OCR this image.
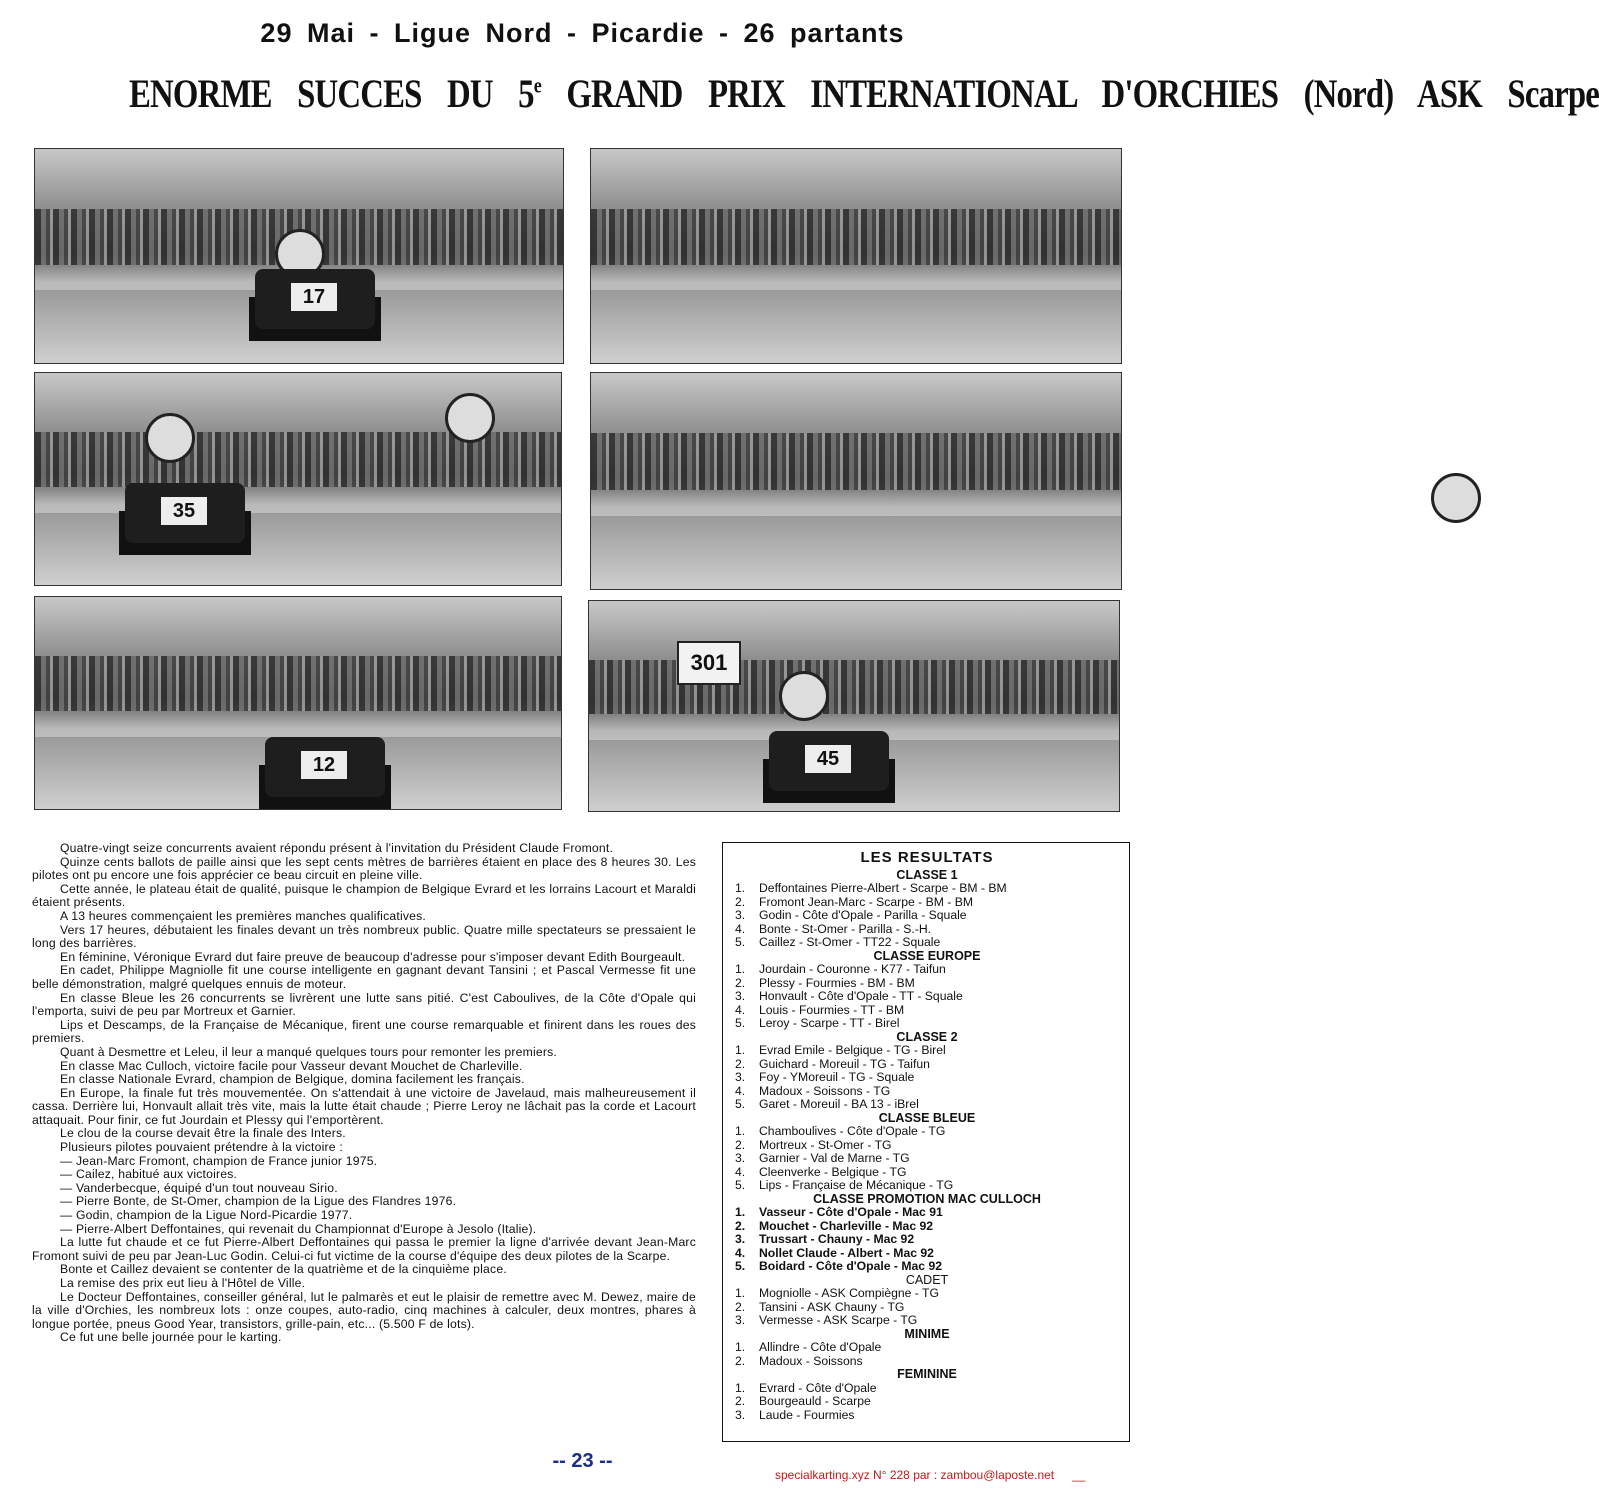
29 Mai - Ligue Nord - Picardie - 26 partants
ENORME SUCCES DU 5e GRAND PRIX INTERNATIONAL D'ORCHIES (Nord) ASK Scarpe
17
35
12
301
45

Quatre-vingt seize concurrents avaient répondu présent à l'invitation du Président Claude Fromont.

Quinze cents ballots de paille ainsi que les sept cents mètres de barrières étaient en place des 8 heures 30. Les pilotes ont pu encore une fois apprécier ce beau circuit en pleine ville.

Cette année, le plateau était de qualité, puisque le champion de Belgique Evrard et les lorrains Lacourt et Maraldi étaient présents.

A 13 heures commençaient les premières manches qualificatives.

Vers 17 heures, débutaient les finales devant un très nombreux public. Quatre mille spectateurs se pressaient le long des barrières.

En féminine, Véronique Evrard dut faire preuve de beaucoup d'adresse pour s'imposer devant Edith Bourgeault.

En cadet, Philippe Magniolle fit une course intelligente en gagnant devant Tansini ; et Pascal Vermesse fit une belle démonstration, malgré quelques ennuis de moteur.

En classe Bleue les 26 concurrents se livrèrent une lutte sans pitié. C'est Caboulives, de la Côte d'Opale qui l'emporta, suivi de peu par Mortreux et Garnier.

Lips et Descamps, de la Française de Mécanique, firent une course remarquable et finirent dans les roues des premiers.

Quant à Desmettre et Leleu, il leur a manqué quelques tours pour remonter les premiers.

En classe Mac Culloch, victoire facile pour Vasseur devant Mouchet de Charleville.

En classe Nationale Evrard, champion de Belgique, domina facilement les français.

En Europe, la finale fut très mouvementée. On s'attendait à une victoire de Javelaud, mais malheureusement il cassa. Derrière lui, Honvault allait très vite, mais la lutte était chaude ; Pierre Leroy ne lâchait pas la corde et Lacourt attaquait. Pour finir, ce fut Jourdain et Plessy qui l'emportèrent.

Le clou de la course devait être la finale des Inters.

Plusieurs pilotes pouvaient prétendre à la victoire :

— Jean-Marc Fromont, champion de France junior 1975.

— Cailez, habitué aux victoires.

— Vanderbecque, équipé d'un tout nouveau Sirio.

— Pierre Bonte, de St-Omer, champion de la Ligue des Flandres 1976.

— Godin, champion de la Ligue Nord-Picardie 1977.

— Pierre-Albert Deffontaines, qui revenait du Championnat d'Europe à Jesolo (Italie).

La lutte fut chaude et ce fut Pierre-Albert Deffontaines qui passa le premier la ligne d'arrivée devant Jean-Marc Fromont suivi de peu par Jean-Luc Godin. Celui-ci fut victime de la course d'équipe des deux pilotes de la Scarpe.

Bonte et Caillez devaient se contenter de la quatrième et de la cinquième place.

La remise des prix eut lieu à l'Hôtel de Ville.

Le Docteur Deffontaines, conseiller général, lut le palmarès et eut le plaisir de remettre avec M. Dewez, maire de la ville d'Orchies, les nombreux lots : onze coupes, auto-radio, cinq machines à calculer, deux montres, phares à longue portée, pneus Good Year, transistors, grille-pain, etc... (5.500 F de lots).

Ce fut une belle journée pour le karting.

LES RESULTATS
CLASSE 1
1.	Deffontaines Pierre-Albert - Scarpe - BM - BM
2.	Fromont Jean-Marc - Scarpe - BM - BM
3.	Godin - Côte d'Opale - Parilla - Squale
4.	Bonte - St-Omer - Parilla - S.-H.
5.	Caillez - St-Omer - TT22 - Squale
CLASSE EUROPE
1.	Jourdain - Couronne - K77 - Taifun
2.	Plessy - Fourmies - BM - BM
3.	Honvault - Côte d'Opale - TT - Squale
4.	Louis - Fourmies - TT - BM
5.	Leroy - Scarpe - TT - Birel
CLASSE 2
1.	Evrad Emile - Belgique - TG - Birel
2.	Guichard - Moreuil - TG - Taifun
3.	Foy - YMoreuil - TG - Squale
4.	Madoux - Soissons - TG
5.	Garet - Moreuil - BA 13 - iBrel
CLASSE BLEUE
1.	Chamboulives - Côte d'Opale - TG
2.	Mortreux - St-Omer - TG
3.	Garnier - Val de Marne - TG
4.	Cleenverke - Belgique - TG
5.	Lips - Française de Mécanique - TG
CLASSE PROMOTION MAC CULLOCH
1.	Vasseur - Côte d'Opale - Mac 91
2.	Mouchet - Charleville - Mac 92
3.	Trussart - Chauny - Mac 92
4.	Nollet Claude - Albert - Mac 92
5.	Boidard - Côte d'Opale - Mac 92
CADET
1.	Mogniolle - ASK Compiègne - TG
2.	Tansini - ASK Chauny - TG
3.	Vermesse - ASK Scarpe - TG
MINIME
1.	Allindre - Côte d'Opale
2.	Madoux - Soissons
FEMININE
1.	Evrard - Côte d'Opale
2.	Bourgeauld - Scarpe
3.	Laude - Fourmies
-- 23 --
specialkarting.xyz N° 228 par : zambou@laposte.net __
